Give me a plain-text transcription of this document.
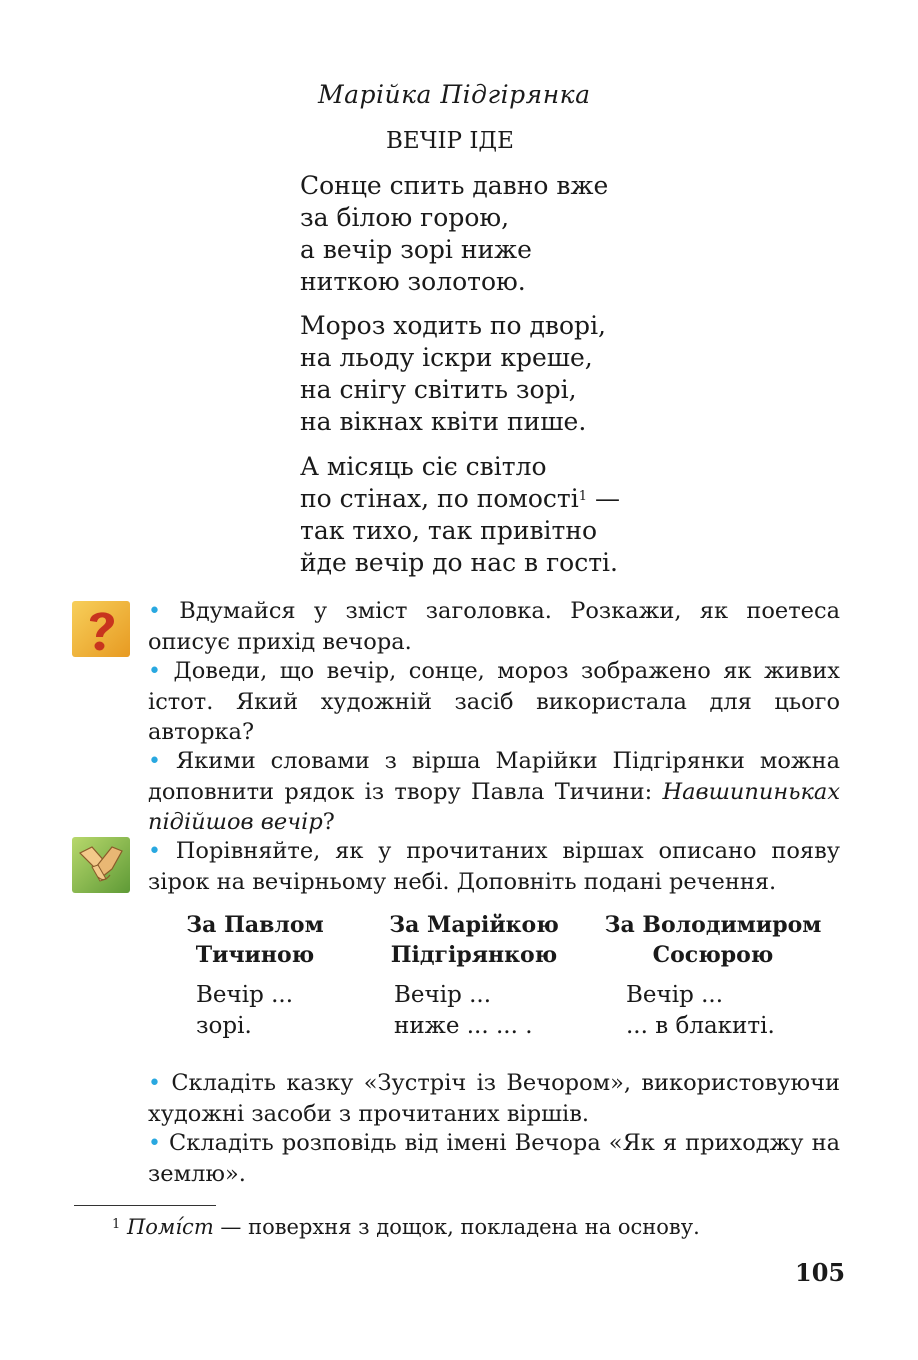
Марійка Підгірянка
ВЕЧІР ІДЕ
Сонце спить давно вже
за білою горою,
а вечір зорі ниже
ниткою золотою.
Мороз ходить по дворі,
на льоду іскри креше,
на снігу світить зорі,
на вікнах квіти пише.
А місяць сіє світло
по стінах, по помості$^1$ —
так тихо, так привітно
йде вечір до нас в гості.
• Вдумайся у зміст заголовка. Розкажи, як поетеса описує прихід вечора.
• Доведи, що вечір, сонце, мороз зображено як живих істот. Який художній засіб використала для цього авторка?
• Якими словами з вірша Марійки Підгірянки можна доповнити рядок із твору Павла Тичини: Навшипиньках підійшов вечір?
• Порівняйте, як у прочитаних віршах описано появу зірок на вечірньому небі. Доповніть подані речення.
За Павлом
Тичиною
Вечір ...
зорі.
За Марійкою
Підгірянкою
Вечір ...
ниже ... ... .
За Володимиром
Сосюрою
Вечір ...
... в блакиті.
• Складіть казку «Зустріч із Вечором», використовуючи художні засоби з прочитаних віршів.
• Складіть розповідь від імені Вечора «Як я приходжу на землю».
$^1$ Помі́ст — поверхня з дощок, покладена на основу.
105
